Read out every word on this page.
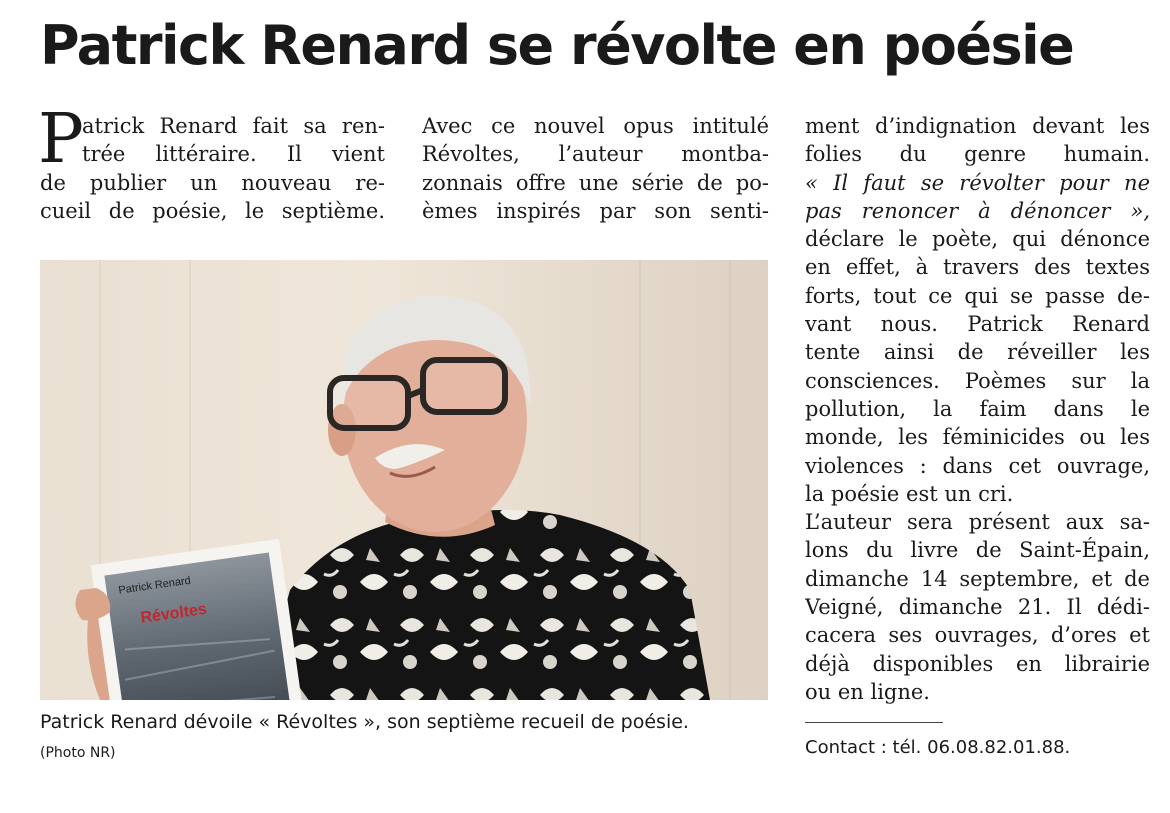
Patrick Renard se révolte en poésie
P
atrick Renard fait sa ren-
trée littéraire. Il vient
de publier un nouveau re-
cueil de poésie, le septième.
Avec ce nouvel opus intitulé
Révoltes, l’auteur montba-
zonnais offre une série de po-
èmes inspirés par son senti-
ment d’indignation devant les
folies du genre humain.
« Il faut se révolter pour ne
pas renoncer à dénoncer »,
déclare le poète, qui dénonce
en effet, à travers des textes
forts, tout ce qui se passe de-
vant nous. Patrick Renard
tente ainsi de réveiller les
consciences. Poèmes sur la
pollution, la faim dans le
monde, les féminicides ou les
violences : dans cet ouvrage,
la poésie est un cri.
L’auteur sera présent aux sa-
lons du livre de Saint-Épain,
dimanche 14 septembre, et de
Veigné, dimanche 21. Il dédi-
cacera ses ouvrages, d’ores et
déjà disponibles en librairie
ou en ligne.
Patrick Renard
Révoltes
Patrick Renard dévoile « Révoltes », son septième recueil de poésie. (Photo NR)	Contact : tél. 06.08.82.01.88.
